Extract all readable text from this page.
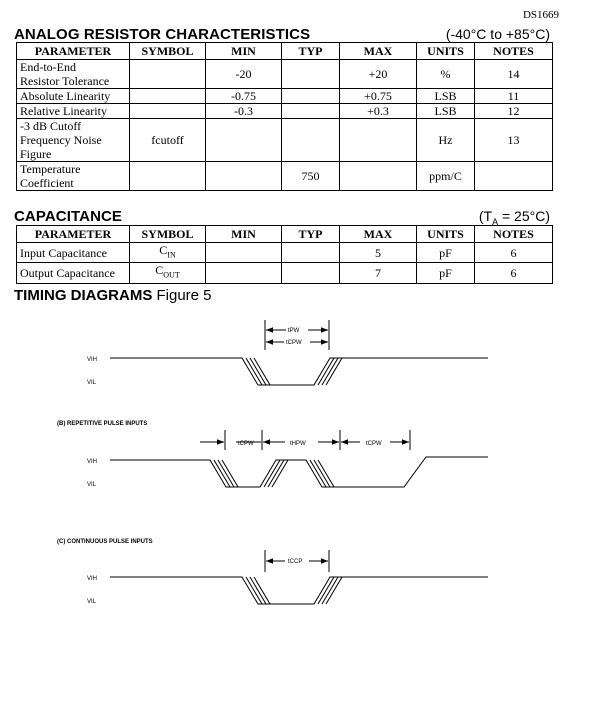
DS1669
ANALOG RESISTOR CHARACTERISTICS	(-40°C to +85°C)
PARAMETER	SYMBOL	MIN	TYP	MAX	UNITS	NOTES

End-to-End
Resistor Tolerance		-20		+20	%	14

Absolute Linearity		-0.75		+0.75	LSB	11

Relative Linearity		-0.3		+0.3	LSB	12

-3 dB Cutoff
Frequency Noise
Figure	fcutoff				Hz	13

Temperature
Coefficient			750		ppm/C	
CAPACITANCE	$(T_A = 25^\circ C)$
PARAMETER	SYMBOL	MIN	TYP	MAX	UNITS	NOTES
Input Capacitance	$C_{IN}$			5	pF	6
Output Capacitance	$C_{OUT}$			7	pF	6
TIMING DIAGRAMS Figure 5
tPW
tCPW
VIH
VIL
(B) REPETITIVE PULSE INPUTS
tCPW	tHPW	tCPW
VIH
VIL
(C) CONTINUOUS PULSE INPUTS
tCCP
VIH
VIL
